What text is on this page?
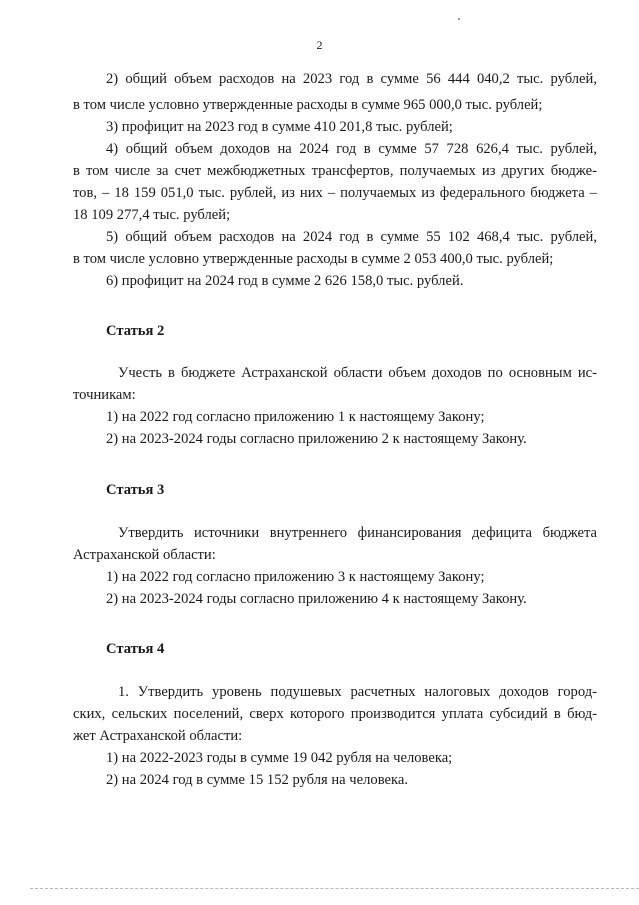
2
2) общий объем расходов на 2023 год в сумме 56 444 040,2 тыс. рублей,
в том числе условно утвержденные расходы в сумме 965 000,0 тыс. рублей;
3) профицит на 2023 год в сумме 410 201,8 тыс. рублей;
4) общий объем доходов на 2024 год в сумме 57 728 626,4 тыс. рублей,
в том числе за счет межбюджетных трансфертов, получаемых из других бюдже-
тов, – 18 159 051,0 тыс. рублей, из них – получаемых из федерального бюджета –
18 109 277,4 тыс. рублей;
5) общий объем расходов на 2024 год в сумме 55 102 468,4 тыс. рублей,
в том числе условно утвержденные расходы в сумме 2 053 400,0 тыс. рублей;
6) профицит на 2024 год в сумме 2 626 158,0 тыс. рублей.
Статья 2
Учесть в бюджете Астраханской области объем доходов по основным ис-
точникам:
1) на 2022 год согласно приложению 1 к настоящему Закону;
2) на 2023-2024 годы согласно приложению 2 к настоящему Закону.
Статья 3
Утвердить источники внутреннего финансирования дефицита бюджета
Астраханской области:
1) на 2022 год согласно приложению 3 к настоящему Закону;
2) на 2023-2024 годы согласно приложению 4 к настоящему Закону.
Статья 4
1. Утвердить уровень подушевых расчетных налоговых доходов город-
ских, сельских поселений, сверх которого производится уплата субсидий в бюд-
жет Астраханской области:
1) на 2022-2023 годы в сумме 19 042 рубля на человека;
2) на 2024 год в сумме 15 152 рубля на человека.
